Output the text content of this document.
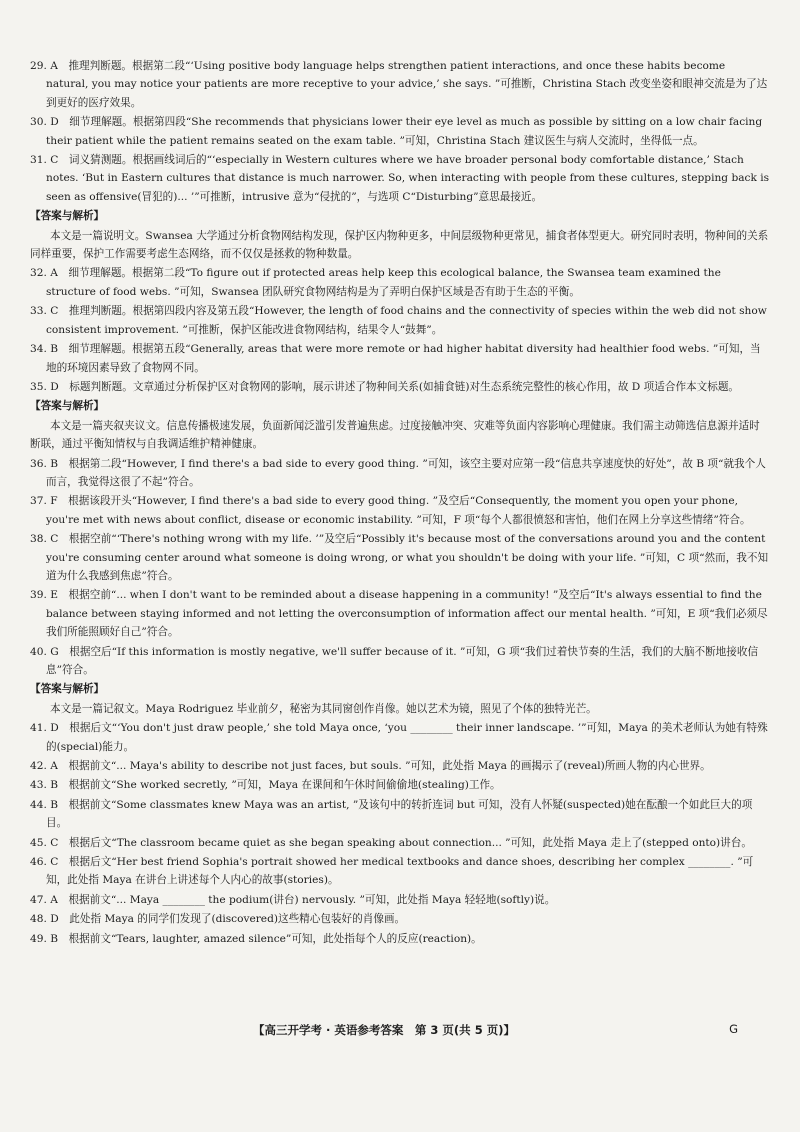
29. A　推理判断题。根据第二段“‘Using positive body language helps strengthen patient interactions, and once these habits become natural, you may notice your patients are more receptive to your advice,’ she says. ”可推断，Christina Stach 改变坐姿和眼神交流是为了达到更好的医疗效果。

30. D　细节理解题。根据第四段“She recommends that physicians lower their eye level as much as possible by sitting on a low chair facing their patient while the patient remains seated on the exam table. ”可知，Christina Stach 建议医生与病人交流时，坐得低一点。

31. C　词义猜测题。根据画线词后的“‘especially in Western cultures where we have broader personal body comfortable distance,’ Stach notes. ‘But in Eastern cultures that distance is much narrower. So, when interacting with people from these cultures, stepping back is seen as offensive(冒犯的)... ’”可推断，intrusive 意为“侵扰的”，与选项 C“Disturbing”意思最接近。

【答案与解析】

本文是一篇说明文。Swansea 大学通过分析食物网结构发现，保护区内物种更多，中间层级物种更常见，捕食者体型更大。研究同时表明，物种间的关系同样重要，保护工作需要考虑生态网络，而不仅仅是拯救的物种数量。

32. A　细节理解题。根据第二段“To figure out if protected areas help keep this ecological balance, the Swansea team examined the structure of food webs. ”可知，Swansea 团队研究食物网结构是为了弄明白保护区域是否有助于生态的平衡。

33. C　推理判断题。根据第四段内容及第五段“However, the length of food chains and the connectivity of species within the web did not show consistent improvement. ”可推断，保护区能改进食物网结构，结果令人“鼓舞”。

34. B　细节理解题。根据第五段“Generally, areas that were more remote or had higher habitat diversity had healthier food webs. ”可知，当地的环境因素导致了食物网不同。

35. D　标题判断题。文章通过分析保护区对食物网的影响，展示讲述了物种间关系(如捕食链)对生态系统完整性的核心作用，故 D 项适合作本文标题。

【答案与解析】

本文是一篇夹叙夹议文。信息传播极速发展，负面新闻泛滥引发普遍焦虑。过度接触冲突、灾难等负面内容影响心理健康。我们需主动筛选信息源并适时断联，通过平衡知情权与自我调适维护精神健康。

36. B　根据第二段“However, I find there's a bad side to every good thing. ”可知，该空主要对应第一段“信息共享速度快的好处”，故 B 项“就我个人而言，我觉得这很了不起”符合。

37. F　根据该段开头“However, I find there's a bad side to every good thing. ”及空后“Consequently, the moment you open your phone, you're met with news about conflict, disease or economic instability. ”可知，F 项“每个人都很愤怒和害怕，他们在网上分享这些情绪”符合。

38. C　根据空前“‘There's nothing wrong with my life. ’”及空后“Possibly it's because most of the conversations around you and the content you're consuming center around what someone is doing wrong, or what you shouldn't be doing with your life. ”可知，C 项“然而，我不知道为什么我感到焦虑”符合。

39. E　根据空前“... when I don't want to be reminded about a disease happening in a community! ”及空后“It's always essential to find the balance between staying informed and not letting the overconsumption of information affect our mental health. ”可知，E 项“我们必须尽我们所能照顾好自己”符合。

40. G　根据空后“If this information is mostly negative, we'll suffer because of it. ”可知，G 项“我们过着快节奏的生活，我们的大脑不断地接收信息”符合。

【答案与解析】

本文是一篇记叙文。Maya Rodriguez 毕业前夕，秘密为其同窗创作肖像。她以艺术为镜，照见了个体的独特光芒。

41. D　根据后文“‘You don't just draw people,’ she told Maya once, ‘you ________ their inner landscape. ’”可知，Maya 的美术老师认为她有特殊的(special)能力。

42. A　根据前文“... Maya's ability to describe not just faces, but souls. ”可知，此处指 Maya 的画揭示了(reveal)所画人物的内心世界。

43. B　根据前文“She worked secretly, ”可知，Maya 在课间和午休时间偷偷地(stealing)工作。

44. B　根据前文“Some classmates knew Maya was an artist, ”及该句中的转折连词 but 可知，没有人怀疑(suspected)她在酝酿一个如此巨大的项目。

45. C　根据后文“The classroom became quiet as she began speaking about connection... ”可知，此处指 Maya 走上了(stepped onto)讲台。

46. C　根据后文“Her best friend Sophia's portrait showed her medical textbooks and dance shoes, describing her complex ________. ”可知，此处指 Maya 在讲台上讲述每个人内心的故事(stories)。

47. A　根据前文“... Maya ________ the podium(讲台) nervously. ”可知，此处指 Maya 轻轻地(softly)说。

48. D　此处指 Maya 的同学们发现了(discovered)这些精心包装好的肖像画。

49. B　根据前文“Tears, laughter, amazed silence”可知，此处指每个人的反应(reaction)。

【高三开学考 · 英语参考答案　第 3 页(共 5 页)】	G
